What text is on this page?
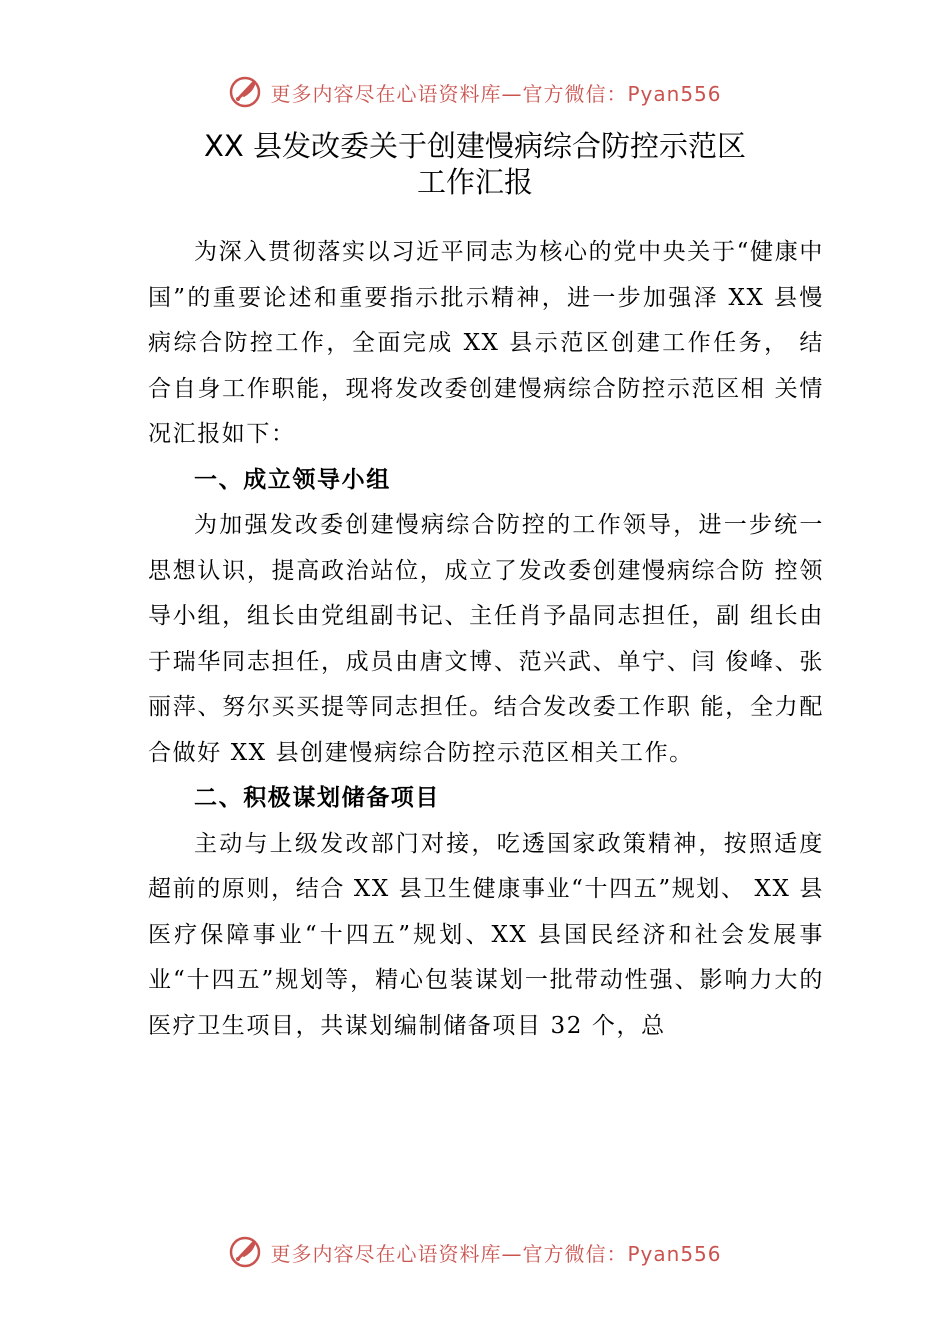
更多内容尽在心语资料库—官方微信：Pyan556
XX 县发改委关于创建慢病综合防控示范区
工作汇报

为深入贯彻落实以习近平同志为核心的党中央关于“健康中国”的重要论述和重要指示批示精神，进一步加强泽 XX 县慢病综合防控工作，全面完成 XX 县示范区创建工作任务， 结合自身工作职能，现将发改委创建慢病综合防控示范区相 关情况汇报如下：

一、成立领导小组

为加强发改委创建慢病综合防控的工作领导，进一步统一思想认识，提高政治站位，成立了发改委创建慢病综合防 控领导小组，组长由党组副书记、主任肖予晶同志担任，副 组长由于瑞华同志担任，成员由唐文博、范兴武、单宁、闫 俊峰、张丽萍、努尔买买提等同志担任。结合发改委工作职 能，全力配合做好 XX 县创建慢病综合防控示范区相关工作。

二、积极谋划储备项目

主动与上级发改部门对接，吃透国家政策精神，按照适度超前的原则，结合 XX 县卫生健康事业“十四五”规划、 XX 县医疗保障事业“十四五”规划、XX 县国民经济和社会发展事业“十四五”规划等，精心包装谋划一批带动性强、影响力大的医疗卫生项目，共谋划编制储备项目 32 个，总

更多内容尽在心语资料库—官方微信：Pyan556
